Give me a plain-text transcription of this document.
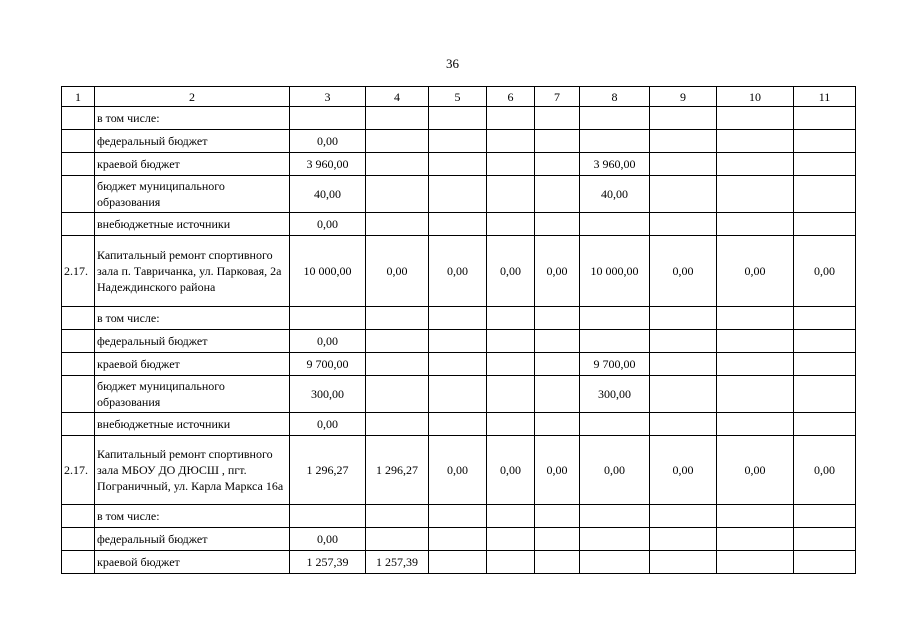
36
1	2	3	4	5	6	7	8	9	10	11
	в том числе:									
	федеральный бюджет	0,00								
	краевой бюджет	3 960,00					3 960,00			
	бюджет муниципального образования	40,00					40,00			
	внебюджетные источники	0,00								
2.17.	Капитальный ремонт спортивного зала п. Тавричанка, ул. Парковая, 2а Надеждинского района	10 000,00	0,00	0,00	0,00	0,00	10 000,00	0,00	0,00	0,00
	в том числе:									
	федеральный бюджет	0,00								
	краевой бюджет	9 700,00					9 700,00			
	бюджет муниципального образования	300,00					300,00			
	внебюджетные источники	0,00								
2.17.	Капитальный ремонт спортивного зала МБОУ ДО ДЮСШ , пгт. Пограничный, ул. Карла Маркса 16а	1 296,27	1 296,27	0,00	0,00	0,00	0,00	0,00	0,00	0,00
	в том числе:									
	федеральный бюджет	0,00								
	краевой бюджет	1 257,39	1 257,39							
